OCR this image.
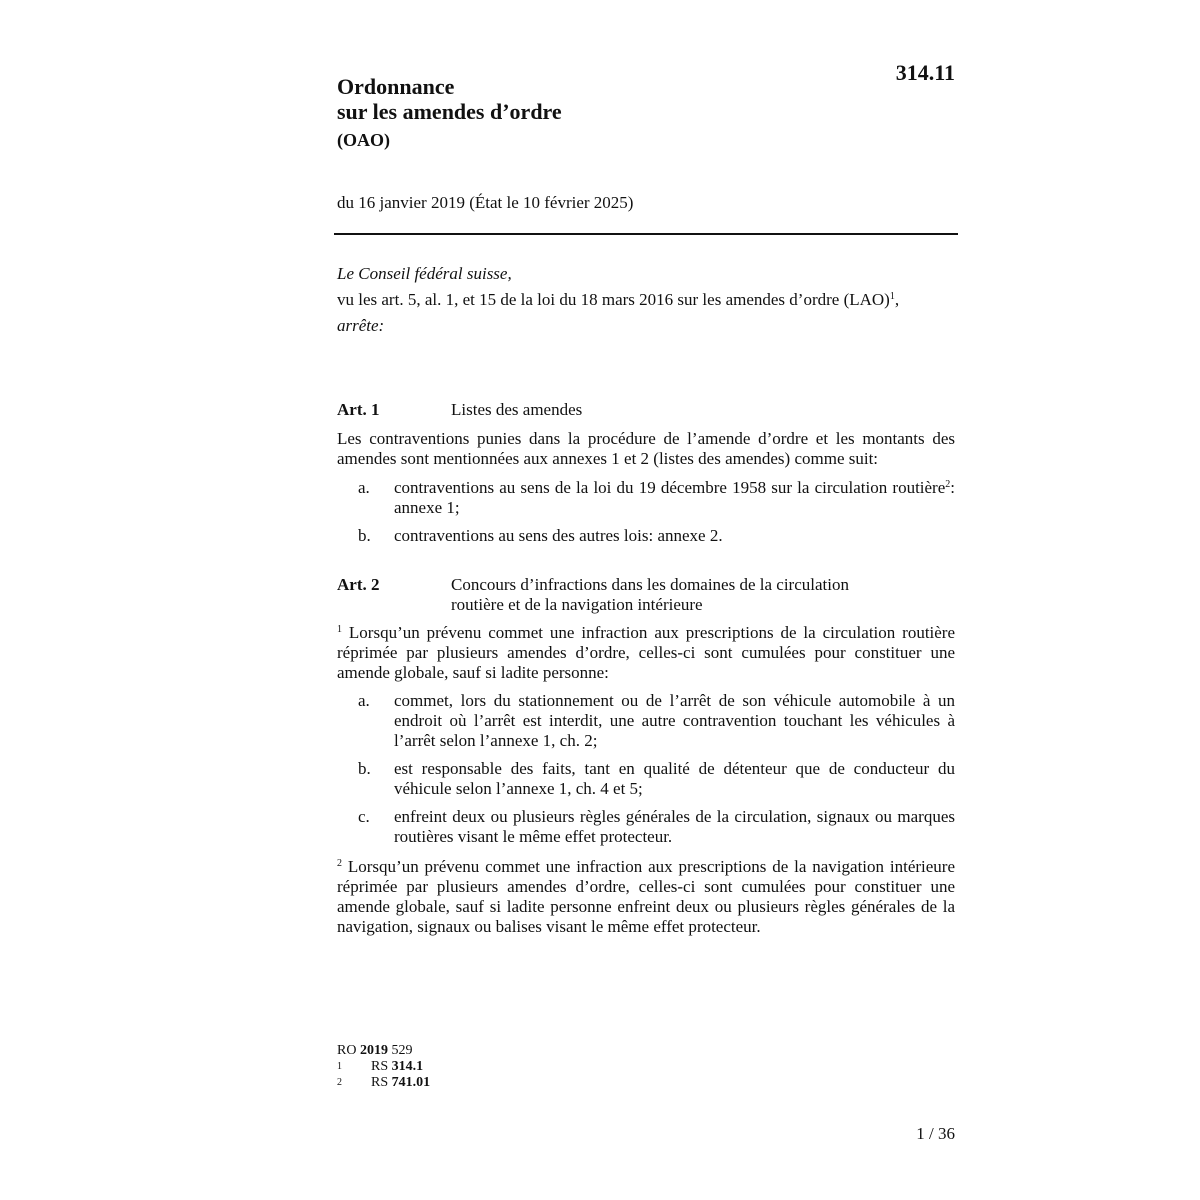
314.11
Ordonnance
sur les amendes d’ordre
(OAO)
du 16 janvier 2019 (État le 10 février 2025)
Le Conseil fédéral suisse,
vu les art. 5, al. 1, et 15 de la loi du 18 mars 2016 sur les amendes d’ordre (LAO)$^1$,
arrête:
Art. 1	Listes des amendes
Les contraventions punies dans la procédure de l’amende d’ordre et les montants des amendes sont mentionnées aux annexes 1 et 2 (listes des amendes) comme suit:
a.	contraventions au sens de la loi du 19 décembre 1958 sur la circulation routière$^2$: annexe 1;
b.	contraventions au sens des autres lois: annexe 2.
Art. 2	Concours d’infractions dans les domaines de la circulation routière et de la navigation intérieure
$^1$ Lorsqu’un prévenu commet une infraction aux prescriptions de la circulation routière réprimée par plusieurs amendes d’ordre, celles-ci sont cumulées pour constituer une amende globale, sauf si ladite personne:
a.	commet, lors du stationnement ou de l’arrêt de son véhicule automobile à un endroit où l’arrêt est interdit, une autre contravention touchant les véhicules à l’arrêt selon l’annexe 1, ch. 2;
b.	est responsable des faits, tant en qualité de détenteur que de conducteur du véhicule selon l’annexe 1, ch. 4 et 5;
c.	enfreint deux ou plusieurs règles générales de la circulation, signaux ou marques routières visant le même effet protecteur.
$^2$ Lorsqu’un prévenu commet une infraction aux prescriptions de la navigation intérieure réprimée par plusieurs amendes d’ordre, celles-ci sont cumulées pour constituer une amende globale, sauf si ladite personne enfreint deux ou plusieurs règles générales de la navigation, signaux ou balises visant le même effet protecteur.
RO 2019 529
1	RS 314.1
2	RS 741.01
1 / 36
